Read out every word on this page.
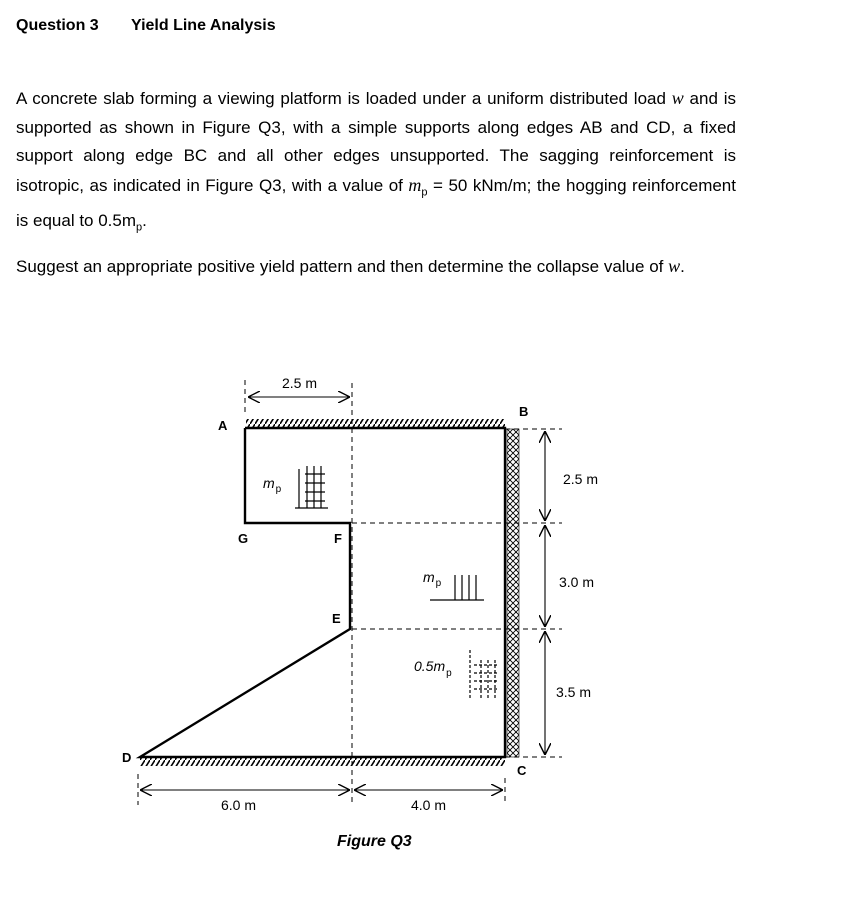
Question 3 Yield Line Analysis
A concrete slab forming a viewing platform is loaded under a uniform distributed load w and is supported as shown in Figure Q3, with a simple supports along edges AB and CD, a fixed support along edge BC and all other edges unsupported. The sagging reinforcement is isotropic, as indicated in Figure Q3, with a value of $m_p = 50$ kNm/m; the hogging reinforcement is equal to $0.5m_p$.
Suggest an appropriate positive yield pattern and then determine the collapse value of w.
A
B
C
D
E
F
G
2.5 m
2.5 m
3.0 m
3.5 m
6.0 m	4.0 m
$m_p$
$m_p$
$0.5m_p$
Figure Q3
